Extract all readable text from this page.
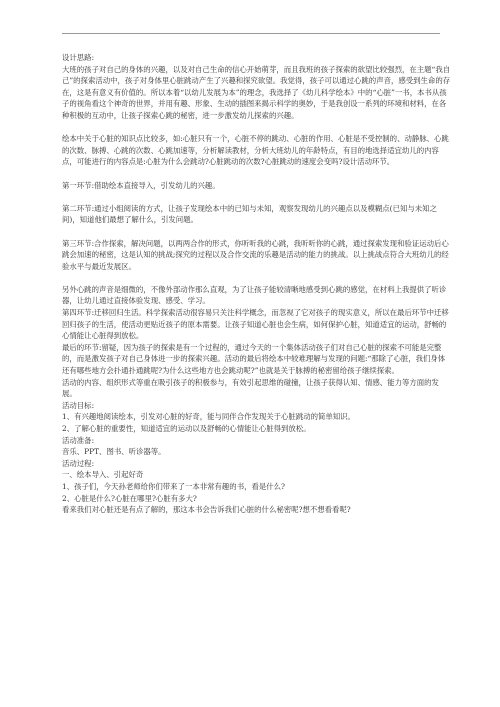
设计思路:

大班的孩子对自己的身体的兴趣，以及对自己生命的信心开始萌芽，而且我班的孩子探索的欲望比较强烈，在主题“我自己”的探索活动中，孩子对身体里心脏跳动产生了兴趣和探究欲望。我觉得，孩子可以通过心跳的声音，感受到生命的存在，这是有意义有价值的。所以本着“以幼儿发展为本”的理念，我选择了《幼儿科学绘本》中的“心脏”一书，本书从孩子的视角看这个神奇的世界，并用有趣、形象、生动的插图来揭示科学的奥妙，于是我创设一系列的环境和材料，在各种积极的互动中，让孩子探索心跳的秘密，进一步激发幼儿探索的兴趣。

绘本中关于心脏的知识点比较多，如:心脏只有一个，心脏不停的跳动、心脏的作用、心脏是不受控制的、动静脉、心跳的次数、脉搏、心跳的次数、心跳加速等，分析解读教材，分析大班幼儿的年龄特点，有目的地选择适宜幼儿的内容点，可能进行的内容点是:心脏为什么会跳动?心脏跳动的次数?心脏跳动的速度会变吗?设计活动环节。

第一环节:借助绘本直接导入，引发幼儿的兴趣。

第二环节:通过小组阅读的方式，让孩子发现绘本中的已知与未知，观察发现幼儿的兴趣点以及模糊点(已知与未知之间)，知道他们最想了解什么，引发问题。

第三环节:合作探索，解决问题，以两两合作的形式，你听听我的心跳，我听听你的心跳，通过探索发现和验证运动后心跳会加速的秘密，这是认知的挑战;探究的过程以及合作交流的乐趣是活动的能力的挑战。以上挑战点符合大班幼儿的经验水平与最近发展区。

另外心跳的声音是细微的，不像外部动作那么直观，为了让孩子能较清晰地感受到心跳的感觉，在材料上我提供了听诊器，让幼儿通过直接体验发现、感受、学习。

第四环节:迁移回归生活。科学探索活动很容易只关注科学概念，而忽视了它对孩子的现实意义，所以在最后环节中迁移回归孩子的生活，使活动更贴近孩子的原本需要。让孩子知道心脏也会生病，如何保护心脏，知道适宜的运动，舒畅的心情能让心脏得到放松。

最后的环节:留疑，因为孩子的探索是有一个过程的，通过今天的一个集体活动孩子们对自己心脏的探索不可能是完整的，而是激发孩子对自己身体进一步的探索兴趣。活动的最后将绘本中较难理解与发现的问题:“那除了心脏，我们身体还有哪些地方会扑通扑通跳呢?为什么这些地方也会跳动呢?”也就是关于脉搏的秘密留给孩子继续探索。

活动的内容、组织形式等重在吸引孩子的积极参与，有效引起思维的碰撞，让孩子获得认知、情感、能力等方面的发展。

活动目标:

1、有兴趣地阅读绘本，引发对心脏的好奇，能与同伴合作发现关于心脏跳动的简单知识。

2、了解心脏的重要性，知道适宜的运动以及舒畅的心情能让心脏得到放松。

活动准备:

音乐、PPT、图书、听诊器等。

活动过程:

一、绘本导入、引起好奇

1、孩子们，今天孙老师给你们带来了一本非常有趣的书，看是什么?

2、心脏是什么?心脏在哪里?心脏有多大?

看来我们对心脏还是有点了解的，那这本书会告诉我们心脏的什么秘密呢?想不想看看呢?
